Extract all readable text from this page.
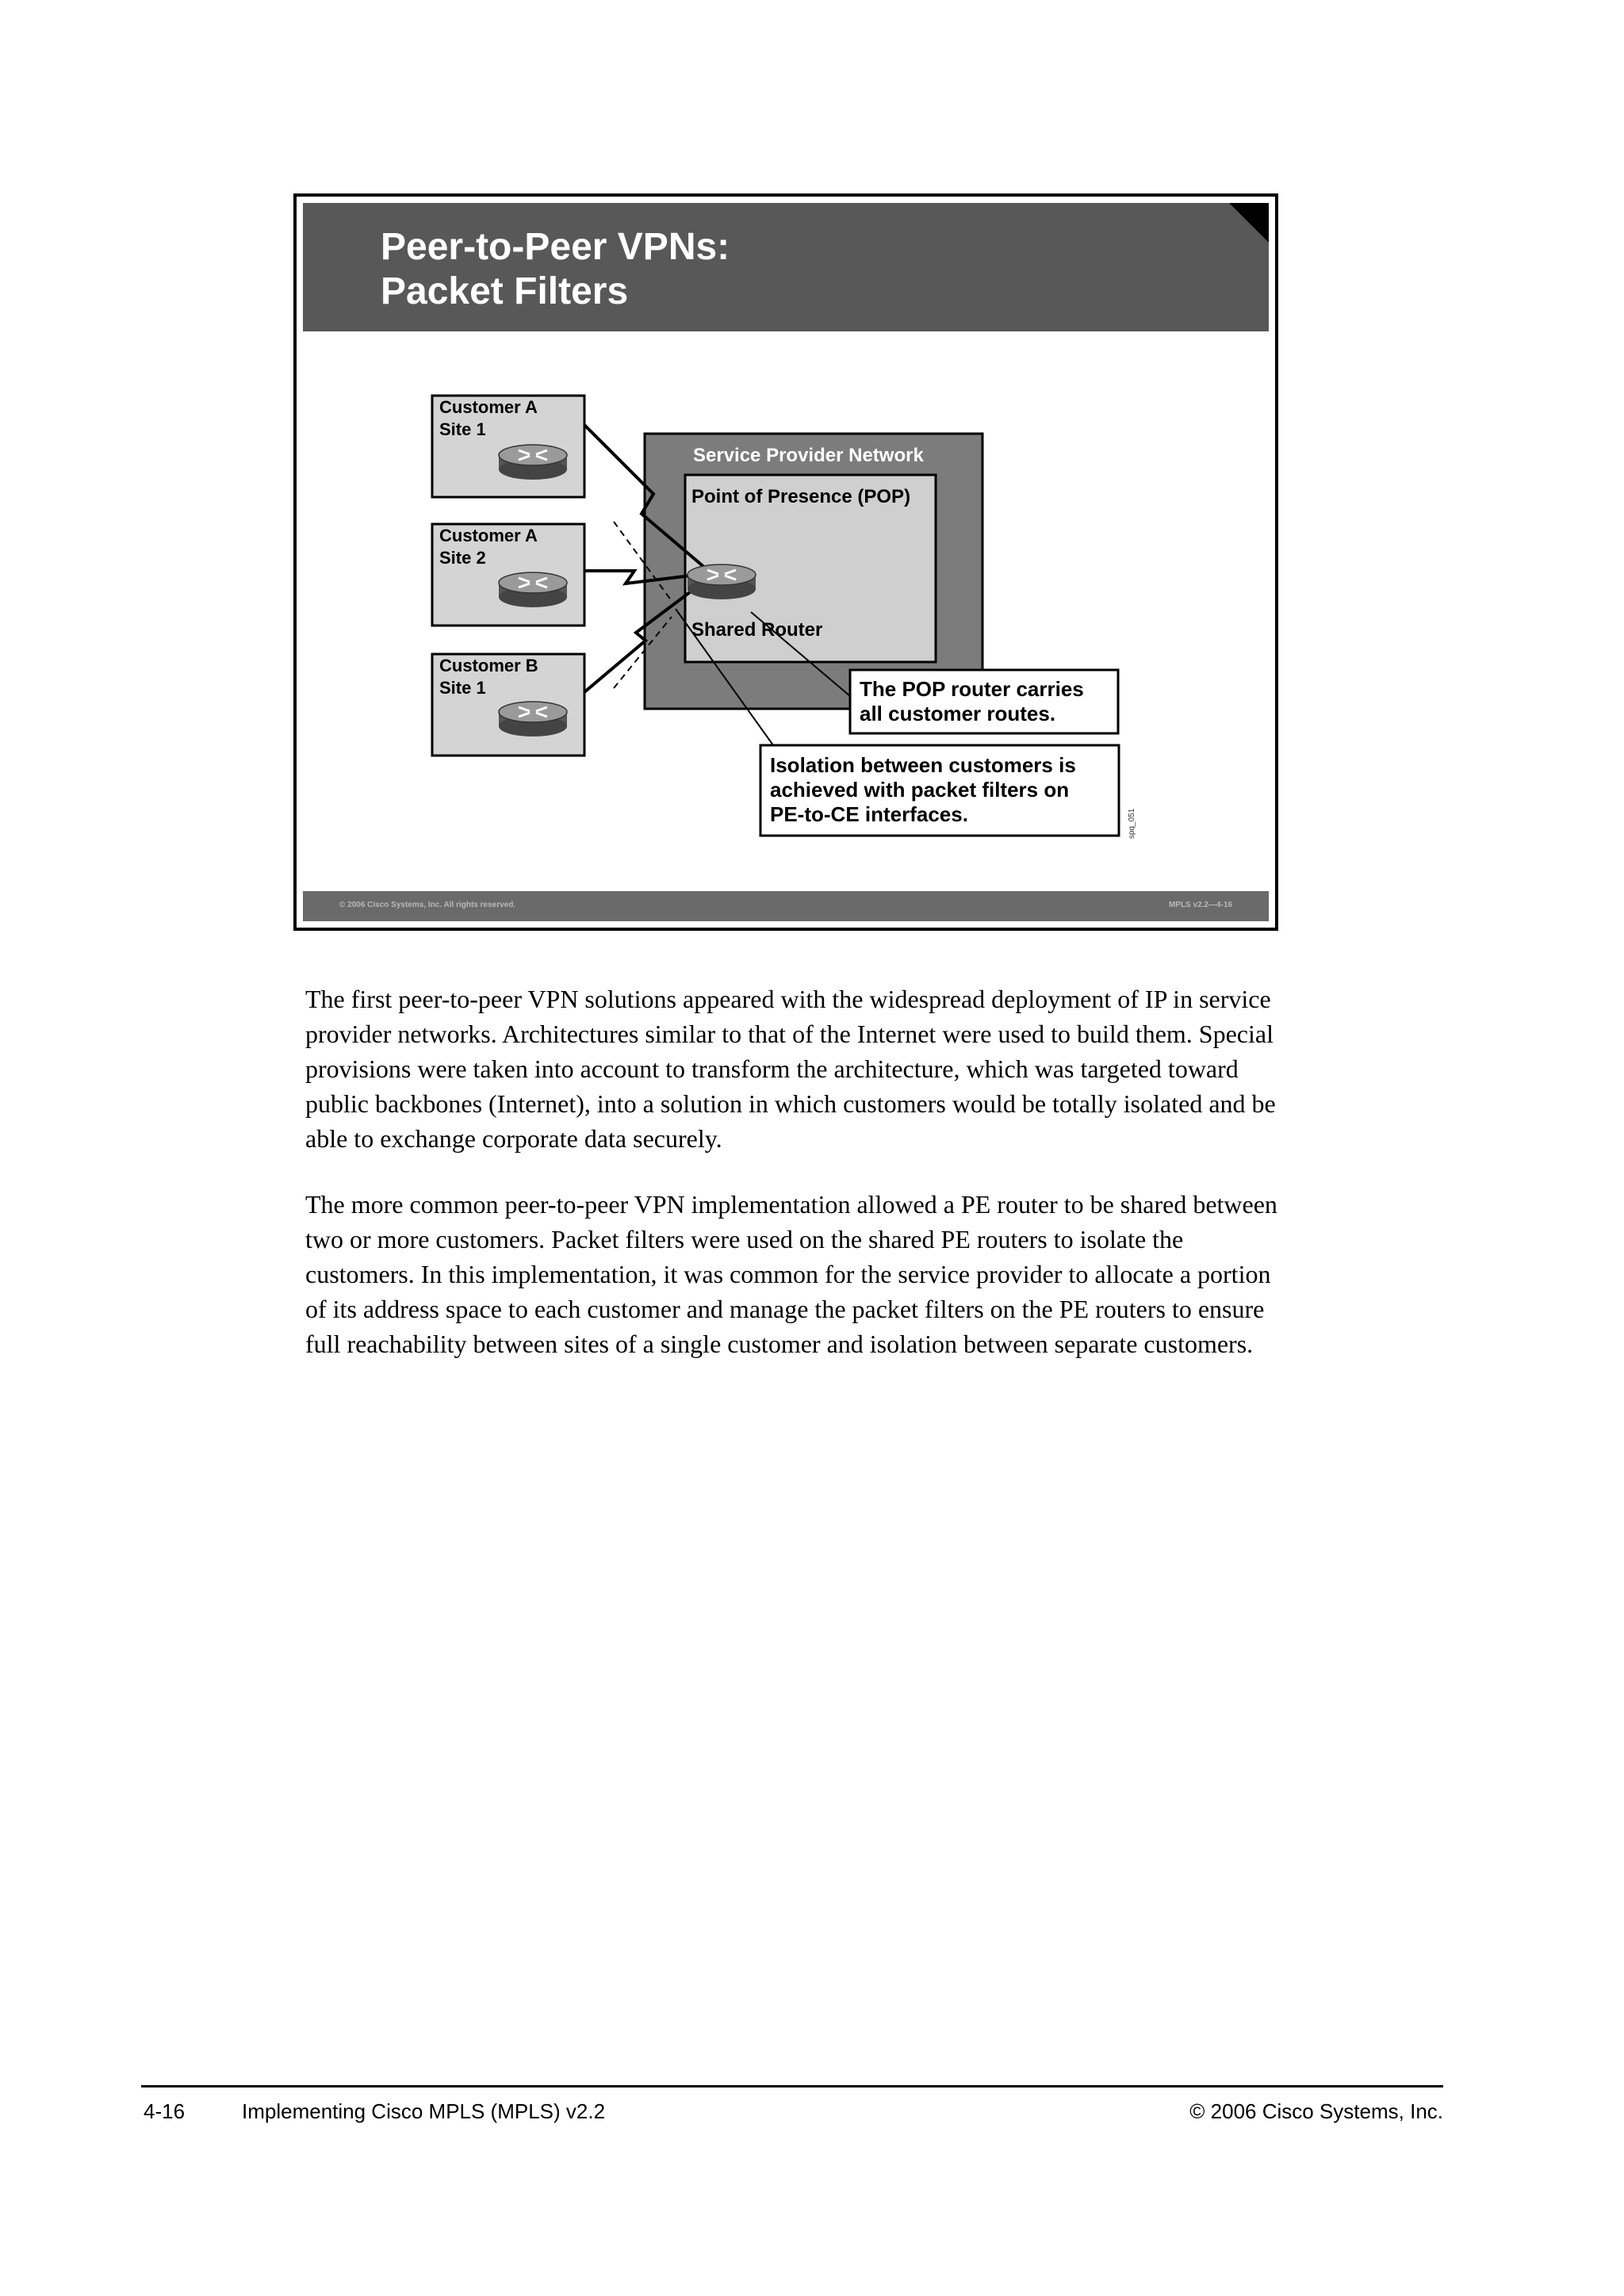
Peer-to-Peer VPNs:
Packet Filters
Customer A
Site 1
Customer A
Site 2
Customer B
Site 1
Service Provider Network
Point of Presence (POP)
Shared Router
The POP router carries
all customer routes.
Isolation between customers is
achieved with packet filters on
PE-to-CE interfaces.	spq_051
© 2006 Cisco Systems, Inc. All rights reserved.	MPLS v2.2—4-16
The first peer-to-peer VPN solutions appeared with the widespread deployment of IP in service
provider networks. Architectures similar to that of the Internet were used to build them. Special
provisions were taken into account to transform the architecture, which was targeted toward
public backbones (Internet), into a solution in which customers would be totally isolated and be
able to exchange corporate data securely.
The more common peer-to-peer VPN implementation allowed a PE router to be shared between
two or more customers. Packet filters were used on the shared PE routers to isolate the
customers. In this implementation, it was common for the service provider to allocate a portion
of its address space to each customer and manage the packet filters on the PE routers to ensure
full reachability between sites of a single customer and isolation between separate customers.
4-16	Implementing Cisco MPLS (MPLS) v2.2	© 2006 Cisco Systems, Inc.
